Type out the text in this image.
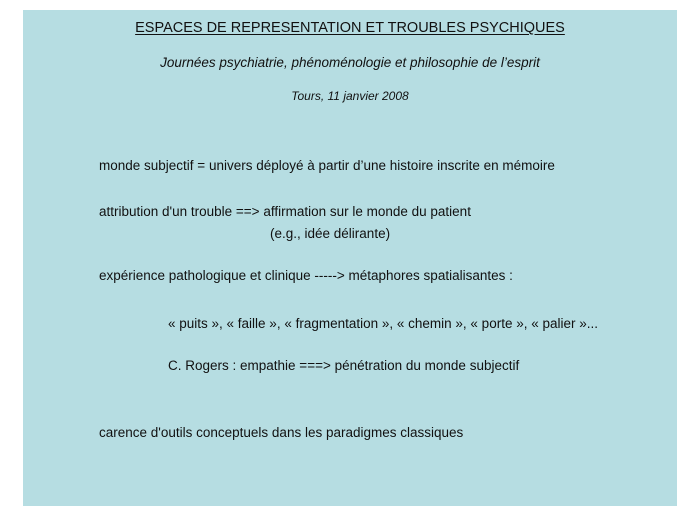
ESPACES DE REPRESENTATION ET TROUBLES PSYCHIQUES

Journées psychiatrie, phénoménologie et philosophie de l’esprit

Tours, 11 janvier 2008

monde subjectif = univers déployé à partir d’une histoire inscrite en mémoire

attribution d'un trouble ==> affirmation sur le monde du patient

(e.g., idée délirante)

expérience pathologique et clinique -----> métaphores spatialisantes :

« puits », « faille », « fragmentation », « chemin », « porte », « palier »...

C. Rogers : empathie ===> pénétration du monde subjectif

carence d'outils conceptuels dans les paradigmes classiques
